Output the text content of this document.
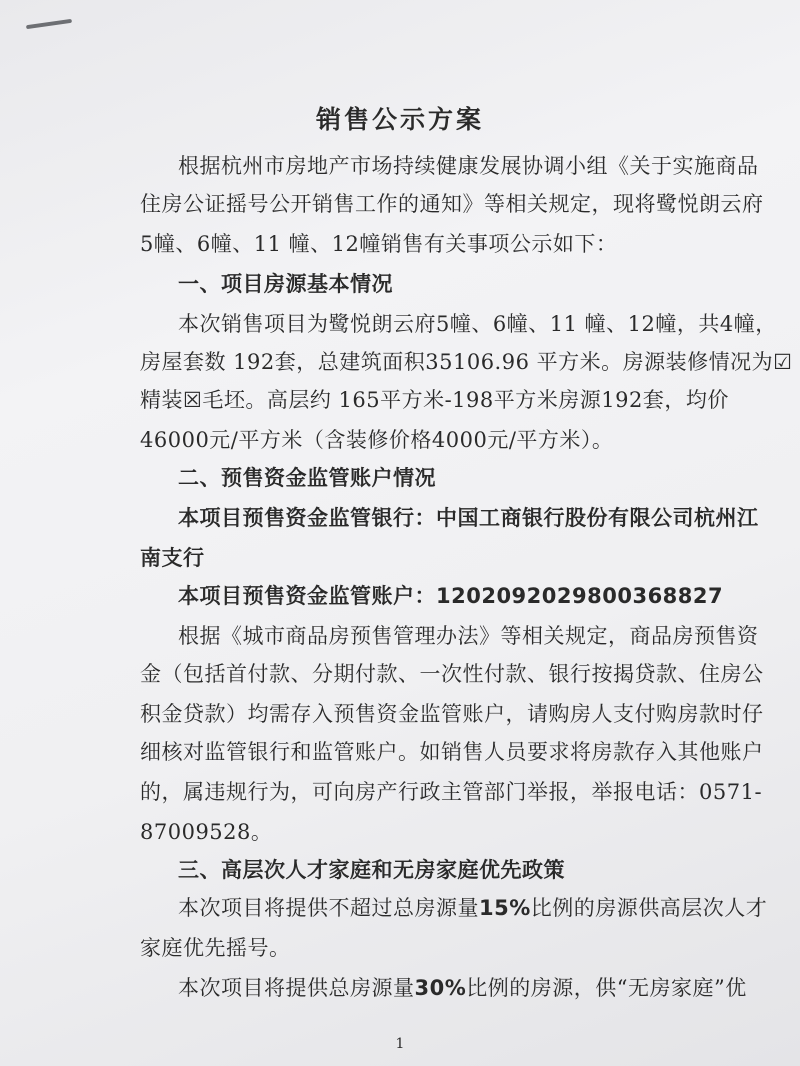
销售公示方案
根据杭州市房地产市场持续健康发展协调小组《关于实施商品
住房公证摇号公开销售工作的通知》等相关规定，现将鹭悦朗云府
5幢、6幢、11 幢、12幢销售有关事项公示如下：
一、项目房源基本情况
本次销售项目为鹭悦朗云府5幢、6幢、11 幢、12幢，共4幢，
房屋套数 192套，总建筑面积35106.96 平方米。房源装修情况为☑
精装☒毛坯。高层约 165平方米-198平方米房源192套，均价
46000元/平方米（含装修价格4000元/平方米）。
二、预售资金监管账户情况
本项目预售资金监管银行：中国工商银行股份有限公司杭州江
南支行
本项目预售资金监管账户：1202092029800368827
根据《城市商品房预售管理办法》等相关规定，商品房预售资
金（包括首付款、分期付款、一次性付款、银行按揭贷款、住房公
积金贷款）均需存入预售资金监管账户，请购房人支付购房款时仔
细核对监管银行和监管账户。如销售人员要求将房款存入其他账户
的，属违规行为，可向房产行政主管部门举报，举报电话：0571-
87009528。
三、高层次人才家庭和无房家庭优先政策
本次项目将提供不超过总房源量15%比例的房源供高层次人才
家庭优先摇号。
本次项目将提供总房源量30%比例的房源，供“无房家庭”优
1
